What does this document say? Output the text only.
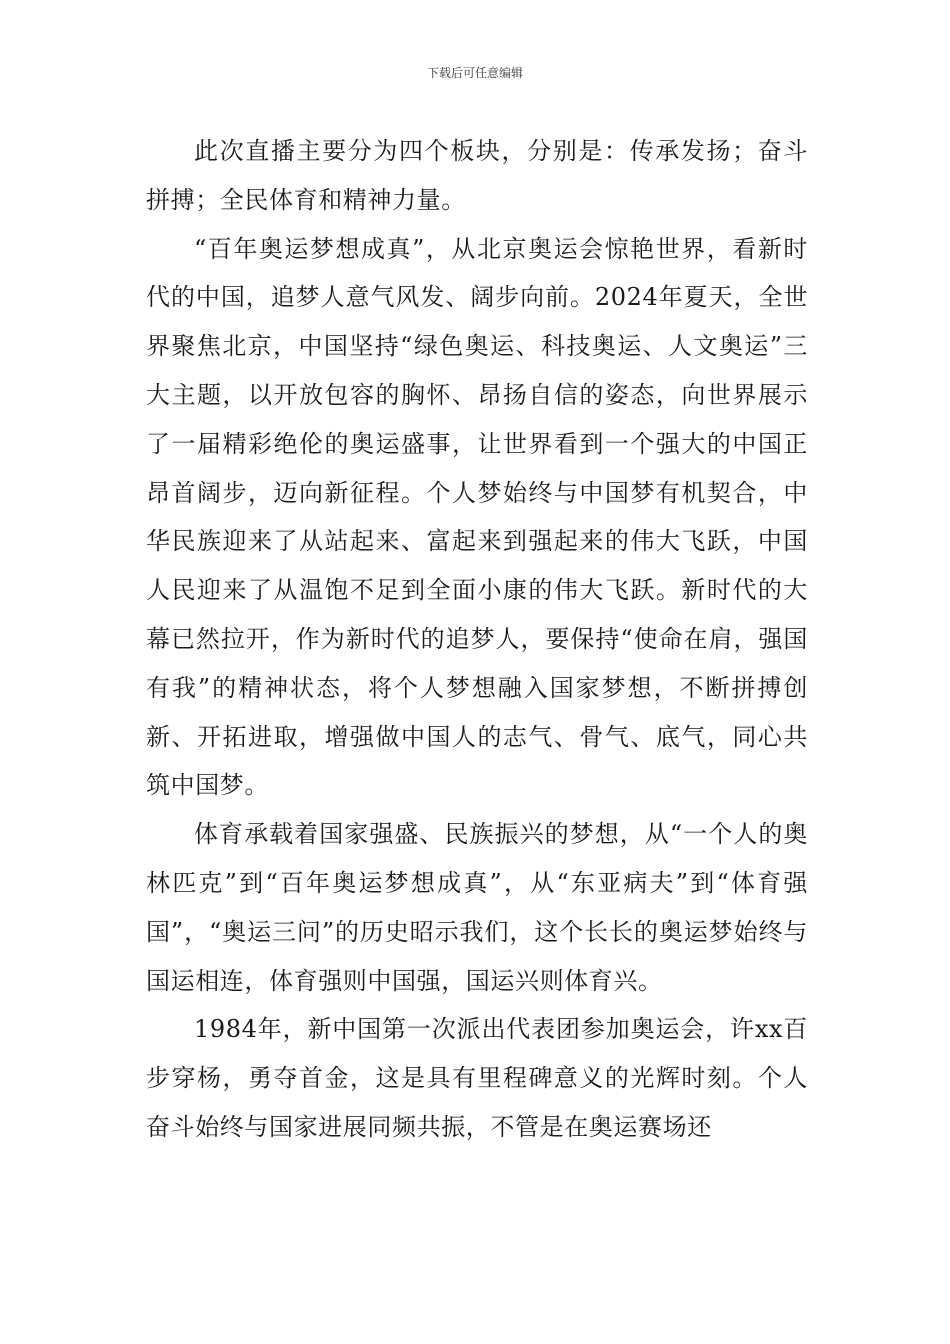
下载后可任意编辑

此次直播主要分为四个板块，分别是：传承发扬；奋斗拼搏；全民体育和精神力量。

“百年奥运梦想成真”，从北京奥运会惊艳世界，看新时代的中国，追梦人意气风发、阔步向前。2024年夏天，全世界聚焦北京，中国坚持“绿色奥运、科技奥运、人文奥运”三大主题，以开放包容的胸怀、昂扬自信的姿态，向世界展示了一届精彩绝伦的奥运盛事，让世界看到一个强大的中国正昂首阔步，迈向新征程。个人梦始终与中国梦有机契合，中华民族迎来了从站起来、富起来到强起来的伟大飞跃，中国人民迎来了从温饱不足到全面小康的伟大飞跃。新时代的大幕已然拉开，作为新时代的追梦人，要保持“使命在肩，强国有我”的精神状态，将个人梦想融入国家梦想，不断拼搏创新、开拓进取，增强做中国人的志气、骨气、底气，同心共筑中国梦。

体育承载着国家强盛、民族振兴的梦想，从“一个人的奥林匹克”到“百年奥运梦想成真”，从“东亚病夫”到“体育强国”，“奥运三问”的历史昭示我们，这个长长的奥运梦始终与国运相连，体育强则中国强，国运兴则体育兴。

1984年，新中国第一次派出代表团参加奥运会，许xx百步穿杨，勇夺首金，这是具有里程碑意义的光辉时刻。个人奋斗始终与国家进展同频共振，不管是在奥运赛场还
